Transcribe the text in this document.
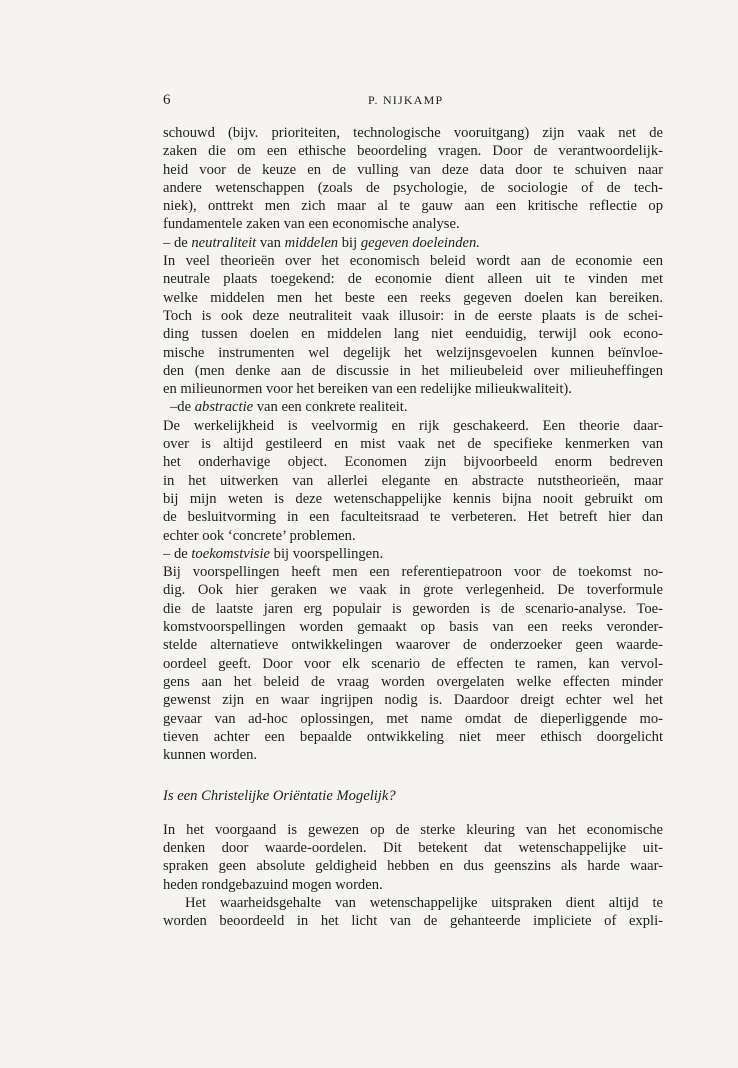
6	P. NIJKAMP
schouwd (bijv. prioriteiten, technologische vooruitgang) zijn vaak net de
zaken die om een ethische beoordeling vragen. Door de verantwoordelijk-
heid voor de keuze en de vulling van deze data door te schuiven naar
andere wetenschappen (zoals de psychologie, de sociologie of de tech-
niek), onttrekt men zich maar al te gauw aan een kritische reflectie op
fundamentele zaken van een economische analyse.
– de neutraliteit van middelen bij gegeven doeleinden.
In veel theorieën over het economisch beleid wordt aan de economie een
neutrale plaats toegekend: de economie dient alleen uit te vinden met
welke middelen men het beste een reeks gegeven doelen kan bereiken.
Toch is ook deze neutraliteit vaak illusoir: in de eerste plaats is de schei-
ding tussen doelen en middelen lang niet eenduidig, terwijl ook econo-
mische instrumenten wel degelijk het welzijnsgevoelen kunnen beïnvloe-
den (men denke aan de discussie in het milieubeleid over milieuheffingen
en milieunormen voor het bereiken van een redelijke milieukwaliteit).
–de abstractie van een conkrete realiteit.
De werkelijkheid is veelvormig en rijk geschakeerd. Een theorie daar-
over is altijd gestileerd en mist vaak net de specifieke kenmerken van
het onderhavige object. Economen zijn bijvoorbeeld enorm bedreven
in het uitwerken van allerlei elegante en abstracte nutstheorieën, maar
bij mijn weten is deze wetenschappelijke kennis bijna nooit gebruikt om
de besluitvorming in een faculteitsraad te verbeteren. Het betreft hier dan
echter ook ‘concrete’ problemen.
– de toekomstvisie bij voorspellingen.
Bij voorspellingen heeft men een referentiepatroon voor de toekomst no-
dig. Ook hier geraken we vaak in grote verlegenheid. De toverformule
die de laatste jaren erg populair is geworden is de scenario-analyse. Toe-
komstvoorspellingen worden gemaakt op basis van een reeks veronder-
stelde alternatieve ontwikkelingen waarover de onderzoeker geen waarde-
oordeel geeft. Door voor elk scenario de effecten te ramen, kan vervol-
gens aan het beleid de vraag worden overgelaten welke effecten minder
gewenst zijn en waar ingrijpen nodig is. Daardoor dreigt echter wel het
gevaar van ad-hoc oplossingen, met name omdat de dieperliggende mo-
tieven achter een bepaalde ontwikkeling niet meer ethisch doorgelicht
kunnen worden.
Is een Christelijke Oriëntatie Mogelijk?
In het voorgaand is gewezen op de sterke kleuring van het economische
denken door waarde-oordelen. Dit betekent dat wetenschappelijke uit-
spraken geen absolute geldigheid hebben en dus geenszins als harde waar-
heden rondgebazuind mogen worden.
Het waarheidsgehalte van wetenschappelijke uitspraken dient altijd te
worden beoordeeld in het licht van de gehanteerde impliciete of expli-
